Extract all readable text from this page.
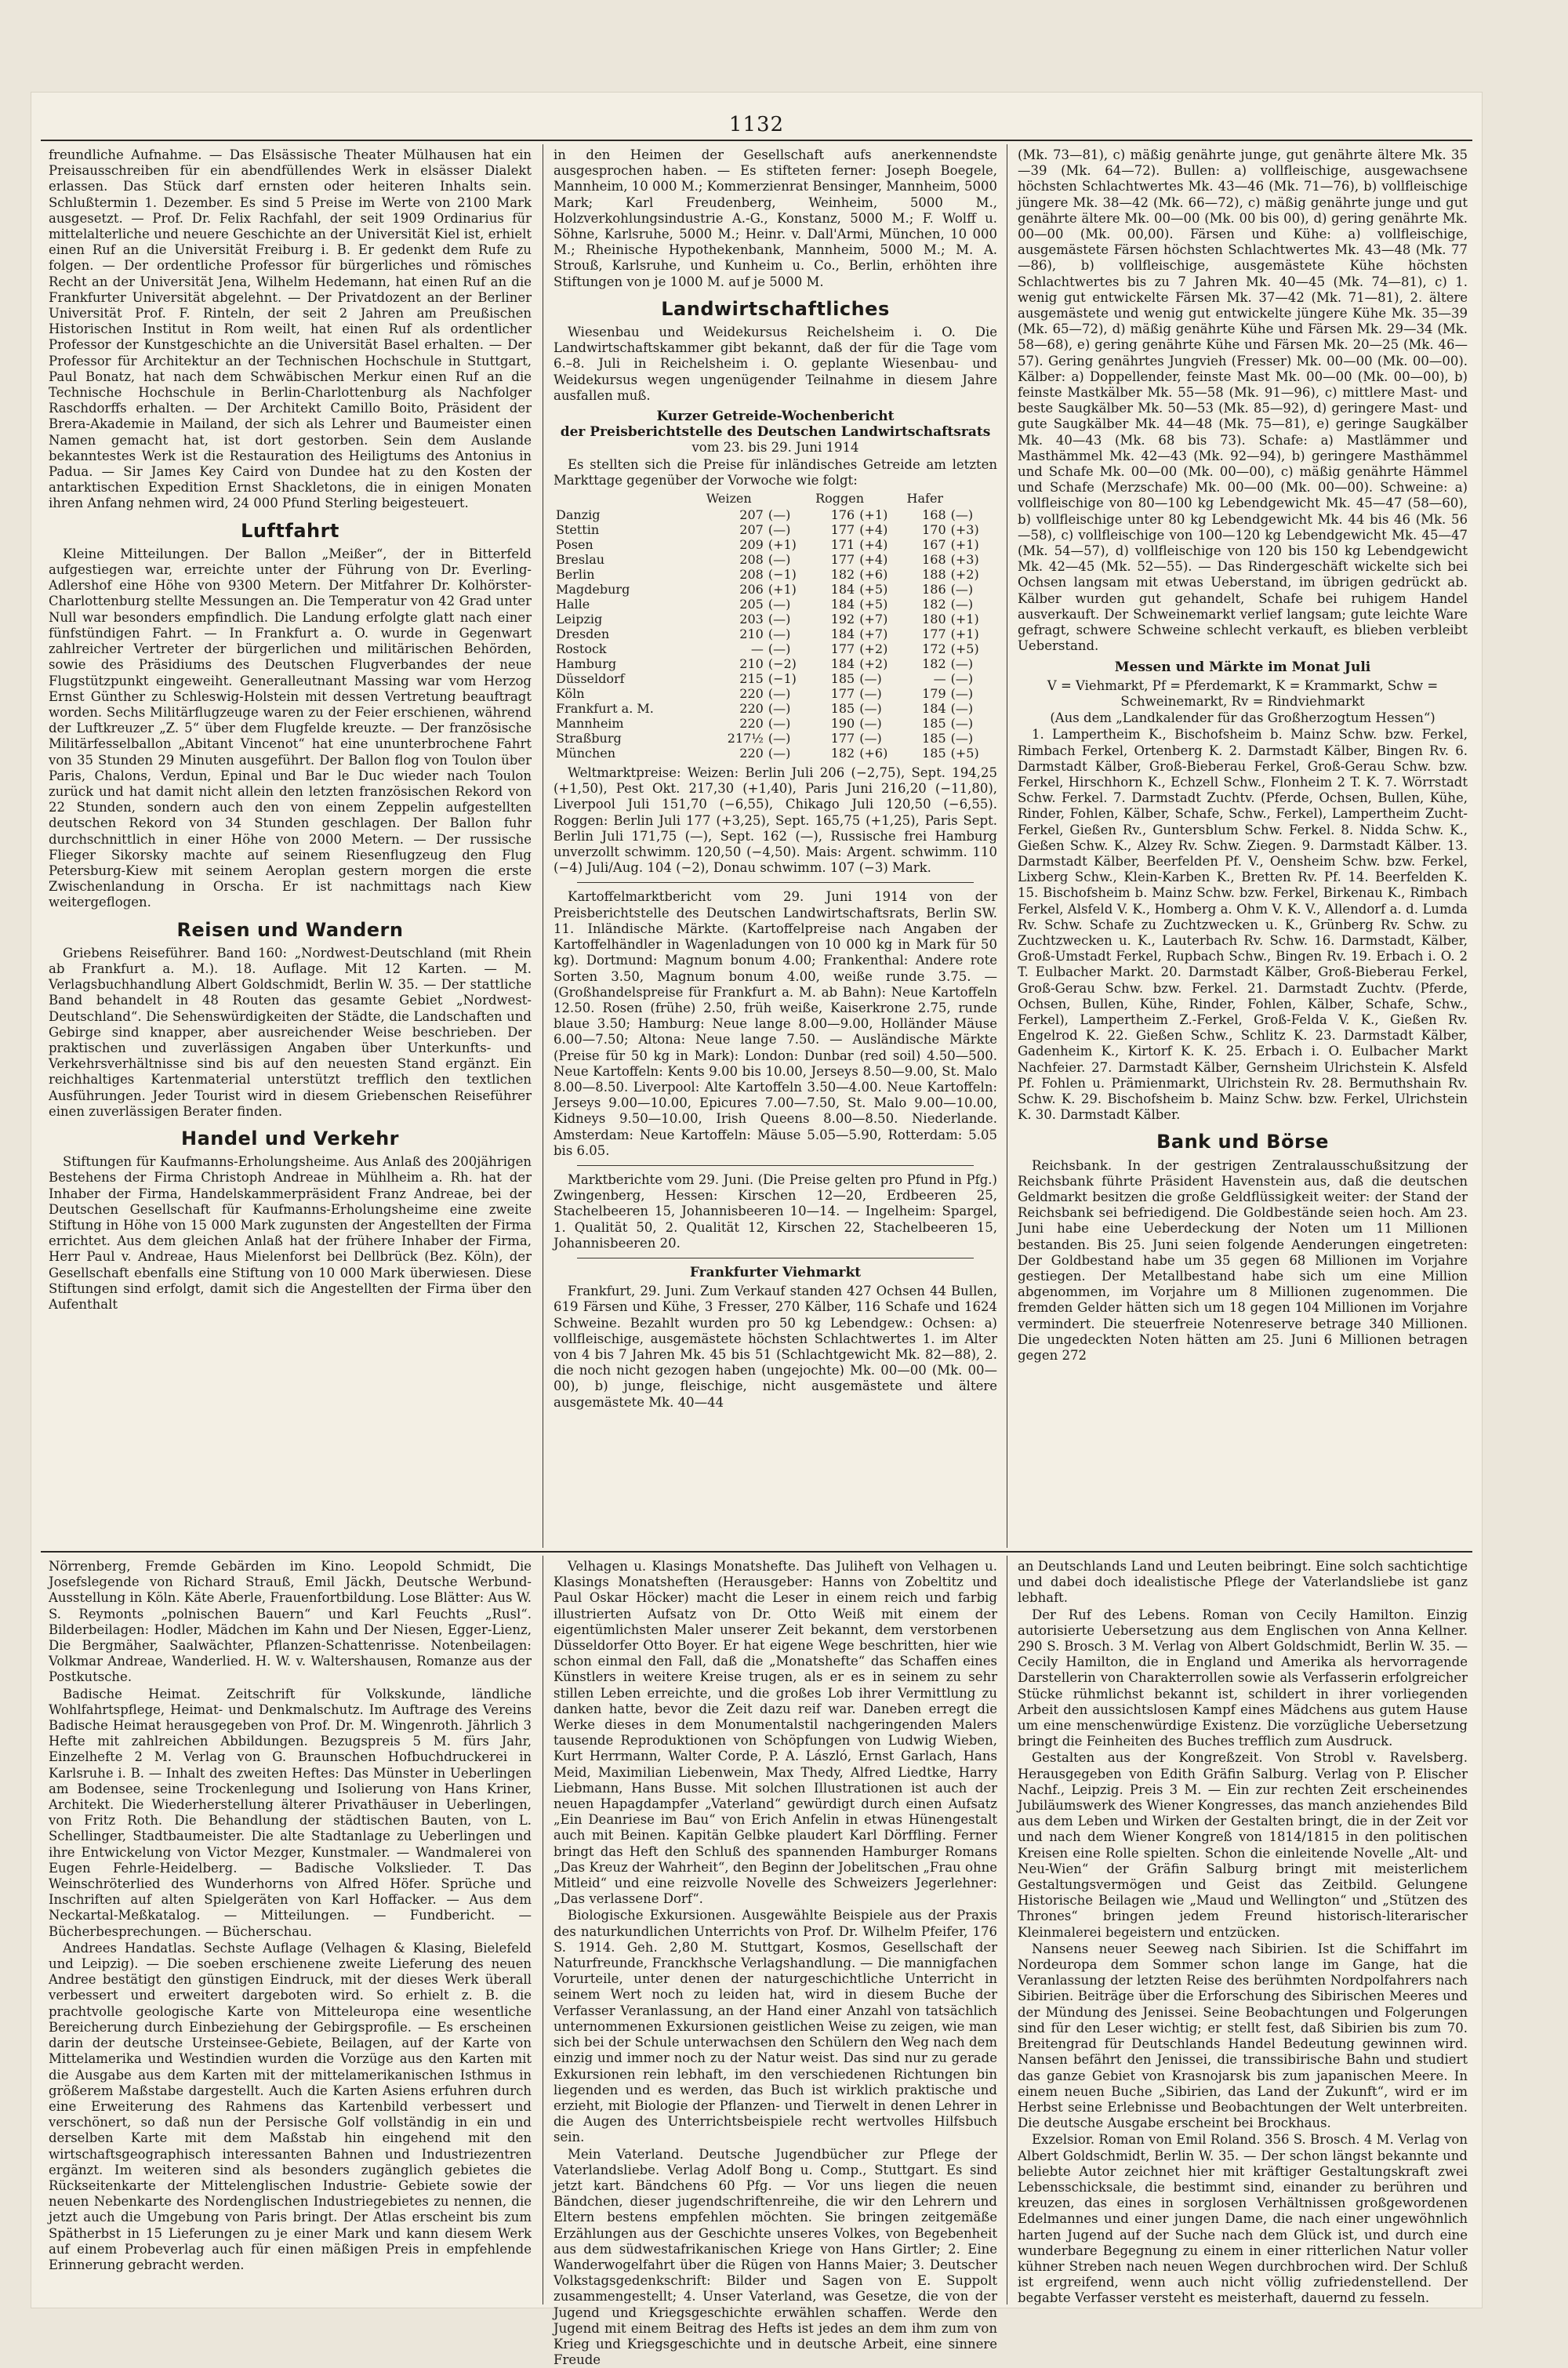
1132

freundliche Aufnahme. — Das Elsässische Theater Mülhausen hat ein Preisausschreiben für ein abendfüllendes Werk in elsässer Dialekt erlassen. Das Stück darf ernsten oder heiteren Inhalts sein. Schlußtermin 1. Dezember. Es sind 5 Preise im Werte von 2100 Mark ausgesetzt. — Prof. Dr. Felix Rachfahl, der seit 1909 Ordinarius für mittelalterliche und neuere Geschichte an der Universität Kiel ist, erhielt einen Ruf an die Universität Freiburg i. B. Er gedenkt dem Rufe zu folgen. — Der ordentliche Professor für bürgerliches und römisches Recht an der Universität Jena, Wilhelm Hedemann, hat einen Ruf an die Frankfurter Universität abgelehnt. — Der Privatdozent an der Berliner Universität Prof. F. Rinteln, der seit 2 Jahren am Preußischen Historischen Institut in Rom weilt, hat einen Ruf als ordentlicher Professor der Kunstgeschichte an die Universität Basel erhalten. — Der Professor für Architektur an der Technischen Hochschule in Stuttgart, Paul Bonatz, hat nach dem Schwäbischen Merkur einen Ruf an die Technische Hochschule in Berlin-Charlottenburg als Nachfolger Raschdorffs erhalten. — Der Architekt Camillo Boito, Präsident der Brera-Akademie in Mailand, der sich als Lehrer und Baumeister einen Namen gemacht hat, ist dort gestorben. Sein dem Auslande bekanntestes Werk ist die Restauration des Heiligtums des Antonius in Padua. — Sir James Key Caird von Dundee hat zu den Kosten der antarktischen Expedition Ernst Shackletons, die in einigen Monaten ihren Anfang nehmen wird, 24 000 Pfund Sterling beigesteuert.

Luftfahrt

Kleine Mitteilungen. Der Ballon „Meißer“, der in Bitterfeld aufgestiegen war, erreichte unter der Führung von Dr. Everling-Adlershof eine Höhe von 9300 Metern. Der Mitfahrer Dr. Kolhörster-Charlottenburg stellte Messungen an. Die Temperatur von 42 Grad unter Null war besonders empfindlich. Die Landung erfolgte glatt nach einer fünfstündigen Fahrt. — In Frankfurt a. O. wurde in Gegenwart zahlreicher Vertreter der bürgerlichen und militärischen Behörden, sowie des Präsidiums des Deutschen Flugverbandes der neue Flugstützpunkt eingeweiht. Generalleutnant Massing war vom Herzog Ernst Günther zu Schleswig-Holstein mit dessen Vertretung beauftragt worden. Sechs Militärflugzeuge waren zu der Feier erschienen, während der Luftkreuzer „Z. 5“ über dem Flugfelde kreuzte. — Der französische Militärfesselballon „Abitant Vincenot“ hat eine ununterbrochene Fahrt von 35 Stunden 29 Minuten ausgeführt. Der Ballon flog von Toulon über Paris, Chalons, Verdun, Epinal und Bar le Duc wieder nach Toulon zurück und hat damit nicht allein den letzten französischen Rekord von 22 Stunden, sondern auch den von einem Zeppelin aufgestellten deutschen Rekord von 34 Stunden geschlagen. Der Ballon fuhr durchschnittlich in einer Höhe von 2000 Metern. — Der russische Flieger Sikorsky machte auf seinem Riesenflugzeug den Flug Petersburg-Kiew mit seinem Aeroplan gestern morgen die erste Zwischenlandung in Orscha. Er ist nachmittags nach Kiew weitergeflogen.

Reisen und Wandern

Griebens Reiseführer. Band 160: „Nordwest-Deutschland (mit Rhein ab Frankfurt a. M.). 18. Auflage. Mit 12 Karten. — M. Verlagsbuchhandlung Albert Goldschmidt, Berlin W. 35. — Der stattliche Band behandelt in 48 Routen das gesamte Gebiet „Nordwest-Deutschland“. Die Sehenswürdigkeiten der Städte, die Landschaften und Gebirge sind knapper, aber ausreichender Weise beschrieben. Der praktischen und zuverlässigen Angaben über Unterkunfts- und Verkehrsverhältnisse sind bis auf den neuesten Stand ergänzt. Ein reichhaltiges Kartenmaterial unterstützt trefflich den textlichen Ausführungen. Jeder Tourist wird in diesem Griebenschen Reiseführer einen zuverlässigen Berater finden.

Handel und Verkehr

Stiftungen für Kaufmanns-Erholungsheime. Aus Anlaß des 200jährigen Bestehens der Firma Christoph Andreae in Mühlheim a. Rh. hat der Inhaber der Firma, Handelskammerpräsident Franz Andreae, bei der Deutschen Gesellschaft für Kaufmanns-Erholungsheime eine zweite Stiftung in Höhe von 15 000 Mark zugunsten der Angestellten der Firma errichtet. Aus dem gleichen Anlaß hat der frühere Inhaber der Firma, Herr Paul v. Andreae, Haus Mielenforst bei Dellbrück (Bez. Köln), der Gesellschaft ebenfalls eine Stiftung von 10 000 Mark überwiesen. Diese Stiftungen sind erfolgt, damit sich die Angestellten der Firma über den Aufenthalt

in den Heimen der Gesellschaft aufs anerkennendste ausgesprochen haben. — Es stifteten ferner: Joseph Boegele, Mannheim, 10 000 M.; Kommerzienrat Bensinger, Mannheim, 5000 Mark; Karl Freudenberg, Weinheim, 5000 M., Holzverkohlungsindustrie A.-G., Konstanz, 5000 M.; F. Wolff u. Söhne, Karlsruhe, 5000 M.; Heinr. v. Dall'Armi, München, 10 000 M.; Rheinische Hypothekenbank, Mannheim, 5000 M.; M. A. Strouß, Karlsruhe, und Kunheim u. Co., Berlin, erhöhten ihre Stiftungen von je 1000 M. auf je 5000 M.

Landwirtschaftliches

Wiesenbau und Weidekursus Reichelsheim i. O. Die Landwirtschaftskammer gibt bekannt, daß der für die Tage vom 6.–8. Juli in Reichelsheim i. O. geplante Wiesenbau- und Weidekursus wegen ungenügender Teilnahme in diesem Jahre ausfallen muß.

Kurzer Getreide-Wochenbericht
der Preisberichtstelle des Deutschen Landwirtschaftsrats

vom 23. bis 29. Juni 1914

Es stellten sich die Preise für inländisches Getreide am letzten Markttage gegenüber der Vorwoche wie folgt:

	Weizen		Roggen		Hafer	
Danzig	207	(—)	176	(+1)	168	(—)
Stettin	207	(—)	177	(+4)	170	(+3)
Posen	209	(+1)	171	(+4)	167	(+1)
Breslau	208	(—)	177	(+4)	168	(+3)
Berlin	208	(−1)	182	(+6)	188	(+2)
Magdeburg	206	(+1)	184	(+5)	186	(—)
Halle	205	(—)	184	(+5)	182	(—)
Leipzig	203	(—)	192	(+7)	180	(+1)
Dresden	210	(—)	184	(+7)	177	(+1)
Rostock	—	(—)	177	(+2)	172	(+5)
Hamburg	210	(−2)	184	(+2)	182	(—)
Düsseldorf	215	(−1)	185	(—)	—	(—)
Köln	220	(—)	177	(—)	179	(—)
Frankfurt a. M.	220	(—)	185	(—)	184	(—)
Mannheim	220	(—)	190	(—)	185	(—)
Straßburg	217½	(—)	177	(—)	185	(—)
München	220	(—)	182	(+6)	185	(+5)

Weltmarktpreise: Weizen: Berlin Juli 206 (−2,75), Sept. 194,25 (+1,50), Pest Okt. 217,30 (+1,40), Paris Juni 216,20 (−11,80), Liverpool Juli 151,70 (−6,55), Chikago Juli 120,50 (−6,55). Roggen: Berlin Juli 177 (+3,25), Sept. 165,75 (+1,25), Paris Sept. Berlin Juli 171,75 (—), Sept. 162 (—), Russische frei Hamburg unverzollt schwimm. 120,50 (−4,50). Mais: Argent. schwimm. 110 (−4) Juli/Aug. 104 (−2), Donau schwimm. 107 (−3) Mark.

Kartoffelmarktbericht vom 29. Juni 1914 von der Preisberichtstelle des Deutschen Landwirtschaftsrats, Berlin SW. 11. Inländische Märkte. (Kartoffelpreise nach Angaben der Kartoffelhändler in Wagenladungen von 10 000 kg in Mark für 50 kg). Dortmund: Magnum bonum 4.00; Frankenthal: Andere rote Sorten 3.50, Magnum bonum 4.00, weiße runde 3.75. — (Großhandelspreise für Frankfurt a. M. ab Bahn): Neue Kartoffeln 12.50. Rosen (frühe) 2.50, früh weiße, Kaiserkrone 2.75, runde blaue 3.50; Hamburg: Neue lange 8.00—9.00, Holländer Mäuse 6.00—7.50; Altona: Neue lange 7.50. — Ausländische Märkte (Preise für 50 kg in Mark): London: Dunbar (red soil) 4.50—500. Neue Kartoffeln: Kents 9.00 bis 10.00, Jerseys 8.50—9.00, St. Malo 8.00—8.50. Liverpool: Alte Kartoffeln 3.50—4.00. Neue Kartoffeln: Jerseys 9.00—10.00, Epicures 7.00—7.50, St. Malo 9.00—10.00, Kidneys 9.50—10.00, Irish Queens 8.00—8.50. Niederlande. Amsterdam: Neue Kartoffeln: Mäuse 5.05—5.90, Rotterdam: 5.05 bis 6.05.

Marktberichte vom 29. Juni. (Die Preise gelten pro Pfund in Pfg.) Zwingenberg, Hessen: Kirschen 12—20, Erdbeeren 25, Stachelbeeren 15, Johannisbeeren 10—14. — Ingelheim: Spargel, 1. Qualität 50, 2. Qualität 12, Kirschen 22, Stachelbeeren 15, Johannisbeeren 20.

Frankfurter Viehmarkt

Frankfurt, 29. Juni. Zum Verkauf standen 427 Ochsen 44 Bullen, 619 Färsen und Kühe, 3 Fresser, 270 Kälber, 116 Schafe und 1624 Schweine. Bezahlt wurden pro 50 kg Lebendgew.: Ochsen: a) vollfleischige, ausgemästete höchsten Schlachtwertes 1. im Alter von 4 bis 7 Jahren Mk. 45 bis 51 (Schlachtgewicht Mk. 82—88), 2. die noch nicht gezogen haben (ungejochte) Mk. 00—00 (Mk. 00—00), b) junge, fleischige, nicht ausgemästete und ältere ausgemästete Mk. 40—44

(Mk. 73—81), c) mäßig genährte junge, gut genährte ältere Mk. 35—39 (Mk. 64—72). Bullen: a) vollfleischige, ausgewachsene höchsten Schlachtwertes Mk. 43—46 (Mk. 71—76), b) vollfleischige jüngere Mk. 38—42 (Mk. 66—72), c) mäßig genährte junge und gut genährte ältere Mk. 00—00 (Mk. 00 bis 00), d) gering genährte Mk. 00—00 (Mk. 00,00). Färsen und Kühe: a) vollfleischige, ausgemästete Färsen höchsten Schlachtwertes Mk. 43—48 (Mk. 77—86), b) vollfleischige, ausgemästete Kühe höchsten Schlachtwertes bis zu 7 Jahren Mk. 40—45 (Mk. 74—81), c) 1. wenig gut entwickelte Färsen Mk. 37—42 (Mk. 71—81), 2. ältere ausgemästete und wenig gut entwickelte jüngere Kühe Mk. 35—39 (Mk. 65—72), d) mäßig genährte Kühe und Färsen Mk. 29—34 (Mk. 58—68), e) gering genährte Kühe und Färsen Mk. 20—25 (Mk. 46—57). Gering genährtes Jungvieh (Fresser) Mk. 00—00 (Mk. 00—00). Kälber: a) Doppellender, feinste Mast Mk. 00—00 (Mk. 00—00), b) feinste Mastkälber Mk. 55—58 (Mk. 91—96), c) mittlere Mast- und beste Saugkälber Mk. 50—53 (Mk. 85—92), d) geringere Mast- und gute Saugkälber Mk. 44—48 (Mk. 75—81), e) geringe Saugkälber Mk. 40—43 (Mk. 68 bis 73). Schafe: a) Mastlämmer und Masthämmel Mk. 42—43 (Mk. 92—94), b) geringere Masthämmel und Schafe Mk. 00—00 (Mk. 00—00), c) mäßig genährte Hämmel und Schafe (Merzschafe) Mk. 00—00 (Mk. 00—00). Schweine: a) vollfleischige von 80—100 kg Lebendgewicht Mk. 45—47 (58—60), b) vollfleischige unter 80 kg Lebendgewicht Mk. 44 bis 46 (Mk. 56—58), c) vollfleischige von 100—120 kg Lebendgewicht Mk. 45—47 (Mk. 54—57), d) vollfleischige von 120 bis 150 kg Lebendgewicht Mk. 42—45 (Mk. 52—55). — Das Rindergeschäft wickelte sich bei Ochsen langsam mit etwas Ueberstand, im übrigen gedrückt ab. Kälber wurden gut gehandelt, Schafe bei ruhigem Handel ausverkauft. Der Schweinemarkt verlief langsam; gute leichte Ware gefragt, schwere Schweine schlecht verkauft, es blieben verbleibt Ueberstand.

Messen und Märkte im Monat Juli

V = Viehmarkt, Pf = Pferdemarkt, K = Krammarkt, Schw = Schweinemarkt, Rv = Rindviehmarkt

(Aus dem „Landkalender für das Großherzogtum Hessen“)

1. Lampertheim K., Bischofsheim b. Mainz Schw. bzw. Ferkel, Rimbach Ferkel, Ortenberg K. 2. Darmstadt Kälber, Bingen Rv. 6. Darmstadt Kälber, Groß-Bieberau Ferkel, Groß-Gerau Schw. bzw. Ferkel, Hirschhorn K., Echzell Schw., Flonheim 2 T. K. 7. Wörrstadt Schw. Ferkel. 7. Darmstadt Zuchtv. (Pferde, Ochsen, Bullen, Kühe, Rinder, Fohlen, Kälber, Schafe, Schw., Ferkel), Lampertheim Zucht-Ferkel, Gießen Rv., Guntersblum Schw. Ferkel. 8. Nidda Schw. K., Gießen Schw. K., Alzey Rv. Schw. Ziegen. 9. Darmstadt Kälber. 13. Darmstadt Kälber, Beerfelden Pf. V., Oensheim Schw. bzw. Ferkel, Lixberg Schw., Klein-Karben K., Bretten Rv. Pf. 14. Beerfelden K. 15. Bischofsheim b. Mainz Schw. bzw. Ferkel, Birkenau K., Rimbach Ferkel, Alsfeld V. K., Homberg a. Ohm V. K. V., Allendorf a. d. Lumda Rv. Schw. Schafe zu Zuchtzwecken u. K., Grünberg Rv. Schw. zu Zuchtzwecken u. K., Lauterbach Rv. Schw. 16. Darmstadt, Kälber, Groß-Umstadt Ferkel, Rupbach Schw., Bingen Rv. 19. Erbach i. O. 2 T. Eulbacher Markt. 20. Darmstadt Kälber, Groß-Bieberau Ferkel, Groß-Gerau Schw. bzw. Ferkel. 21. Darmstadt Zuchtv. (Pferde, Ochsen, Bullen, Kühe, Rinder, Fohlen, Kälber, Schafe, Schw., Ferkel), Lampertheim Z.-Ferkel, Groß-Felda V. K., Gießen Rv. Engelrod K. 22. Gießen Schw., Schlitz K. 23. Darmstadt Kälber, Gadenheim K., Kirtorf K. K. 25. Erbach i. O. Eulbacher Markt Nachfeier. 27. Darmstadt Kälber, Gernsheim Ulrichstein K. Alsfeld Pf. Fohlen u. Prämienmarkt, Ulrichstein Rv. 28. Bermuthshain Rv. Schw. K. 29. Bischofsheim b. Mainz Schw. bzw. Ferkel, Ulrichstein K. 30. Darmstadt Kälber.

Bank und Börse

Reichsbank. In der gestrigen Zentralausschußsitzung der Reichsbank führte Präsident Havenstein aus, daß die deutschen Geldmarkt besitzen die große Geldflüssigkeit weiter: der Stand der Reichsbank sei befriedigend. Die Goldbestände seien hoch. Am 23. Juni habe eine Ueberdeckung der Noten um 11 Millionen bestanden. Bis 25. Juni seien folgende Aenderungen eingetreten: Der Goldbestand habe um 35 gegen 68 Millionen im Vorjahre gestiegen. Der Metallbestand habe sich um eine Million abgenommen, im Vorjahre um 8 Millionen zugenommen. Die fremden Gelder hätten sich um 18 gegen 104 Millionen im Vorjahre vermindert. Die steuerfreie Notenreserve betrage 340 Millionen. Die ungedeckten Noten hätten am 25. Juni 6 Millionen betragen gegen 272

Nörrenberg, Fremde Gebärden im Kino. Leopold Schmidt, Die Josefslegende von Richard Strauß, Emil Jäckh, Deutsche Werbund-Ausstellung in Köln. Käte Aberle, Frauenfortbildung. Lose Blätter: Aus W. S. Reymonts „polnischen Bauern“ und Karl Feuchts „Rusl“. Bilderbeilagen: Hodler, Mädchen im Kahn und Der Niesen, Egger-Lienz, Die Bergmäher, Saalwächter, Pflanzen-Schattenrisse. Notenbeilagen: Volkmar Andreae, Wanderlied. H. W. v. Waltershausen, Romanze aus der Postkutsche.

Badische Heimat. Zeitschrift für Volkskunde, ländliche Wohlfahrtspflege, Heimat- und Denkmalschutz. Im Auftrage des Vereins Badische Heimat herausgegeben von Prof. Dr. M. Wingenroth. Jährlich 3 Hefte mit zahlreichen Abbildungen. Bezugspreis 5 M. fürs Jahr, Einzelhefte 2 M. Verlag von G. Braunschen Hofbuchdruckerei in Karlsruhe i. B. — Inhalt des zweiten Heftes: Das Münster in Ueberlingen am Bodensee, seine Trockenlegung und Isolierung von Hans Kriner, Architekt. Die Wiederherstellung älterer Privathäuser in Ueberlingen, von Fritz Roth. Die Behandlung der städtischen Bauten, von L. Schellinger, Stadtbaumeister. Die alte Stadtanlage zu Ueberlingen und ihre Entwickelung von Victor Mezger, Kunstmaler. — Wandmalerei von Eugen Fehrle-Heidelberg. — Badische Volkslieder. T. Das Weinschröterlied des Wunderhorns von Alfred Höfer. Sprüche und Inschriften auf alten Spielgeräten von Karl Hoffacker. — Aus dem Neckartal-Meßkatalog. — Mitteilungen. — Fundbericht. — Bücherbesprechungen. — Bücherschau.

Andrees Handatlas. Sechste Auflage (Velhagen & Klasing, Bielefeld und Leipzig). — Die soeben erschienene zweite Lieferung des neuen Andree bestätigt den günstigen Eindruck, mit der dieses Werk überall verbessert und erweitert dargeboten wird. So erhielt z. B. die prachtvolle geologische Karte von Mitteleuropa eine wesentliche Bereicherung durch Einbeziehung der Gebirgsprofile. — Es erscheinen darin der deutsche Ursteinsee-Gebiete, Beilagen, auf der Karte von Mittelamerika und Westindien wurden die Vorzüge aus den Karten mit die Ausgabe aus dem Karten mit der mittelamerikanischen Isthmus in größerem Maßstabe dargestellt. Auch die Karten Asiens erfuhren durch eine Erweiterung des Rahmens das Kartenbild verbessert und verschönert, so daß nun der Persische Golf vollständig in ein und derselben Karte mit dem Maßstab hin eingehend mit den wirtschaftsgeographisch interessanten Bahnen und Industriezentren ergänzt. Im weiteren sind als besonders zugänglich gebietes die Rückseitenkarte der Mittelenglischen Industrie- Gebiete sowie der neuen Nebenkarte des Nordenglischen Industriegebietes zu nennen, die jetzt auch die Umgebung von Paris bringt. Der Atlas erscheint bis zum Spätherbst in 15 Lieferungen zu je einer Mark und kann diesem Werk auf einem Probeverlag auch für einen mäßigen Preis in empfehlende Erinnerung gebracht werden.

Velhagen u. Klasings Monatshefte. Das Juliheft von Velhagen u. Klasings Monatsheften (Herausgeber: Hanns von Zobeltitz und Paul Oskar Höcker) macht die Leser in einem reich und farbig illustrierten Aufsatz von Dr. Otto Weiß mit einem der eigentümlichsten Maler unserer Zeit bekannt, dem verstorbenen Düsseldorfer Otto Boyer. Er hat eigene Wege beschritten, hier wie schon einmal den Fall, daß die „Monatshefte“ das Schaffen eines Künstlers in weitere Kreise trugen, als er es in seinem zu sehr stillen Leben erreichte, und die großes Lob ihrer Vermittlung zu danken hatte, bevor die Zeit dazu reif war. Daneben erregt die Werke dieses in dem Monumentalstil nachgeringenden Malers tausende Reproduktionen von Schöpfungen von Ludwig Wieben, Kurt Herrmann, Walter Corde, P. A. László, Ernst Garlach, Hans Meid, Maximilian Liebenwein, Max Thedy, Alfred Liedtke, Harry Liebmann, Hans Busse. Mit solchen Illustrationen ist auch der neuen Hapagdampfer „Vaterland“ gewürdigt durch einen Aufsatz „Ein Deanriese im Bau“ von Erich Anfelin in etwas Hünengestalt auch mit Beinen. Kapitän Gelbke plaudert Karl Dörffling. Ferner bringt das Heft den Schluß des spannenden Hamburger Romans „Das Kreuz der Wahrheit“, den Beginn der Jobelitschen „Frau ohne Mitleid“ und eine reizvolle Novelle des Schweizers Jegerlehner: „Das verlassene Dorf“.

Biologische Exkursionen. Ausgewählte Beispiele aus der Praxis des naturkundlichen Unterrichts von Prof. Dr. Wilhelm Pfeifer, 176 S. 1914. Geh. 2,80 M. Stuttgart, Kosmos, Gesellschaft der Naturfreunde, Franckhsche Verlagshandlung. — Die mannigfachen Vorurteile, unter denen der naturgeschichtliche Unterricht in seinem Wert noch zu leiden hat, wird in diesem Buche der Verfasser Veranlassung, an der Hand einer Anzahl von tatsächlich unternommenen Exkursionen geistlichen Weise zu zeigen, wie man sich bei der Schule unterwachsen den Schülern den Weg nach dem einzig und immer noch zu der Natur weist. Das sind nur zu gerade Exkursionen rein lebhaft, im den verschiedenen Richtungen bin liegenden und es werden, das Buch ist wirklich praktische und erzieht, mit Biologie der Pflanzen- und Tierwelt in denen Lehrer in die Augen des Unterrichtsbeispiele recht wertvolles Hilfsbuch sein.

Mein Vaterland. Deutsche Jugendbücher zur Pflege der Vaterlandsliebe. Verlag Adolf Bong u. Comp., Stuttgart. Es sind jetzt kart. Bändchens 60 Pfg. — Vor uns liegen die neuen Bändchen, dieser jugendschriftenreihe, die wir den Lehrern und Eltern bestens empfehlen möchten. Sie bringen zeitgemäße Erzählungen aus der Geschichte unseres Volkes, von Begebenheit aus dem südwestafrikanischen Kriege von Hans Girtler; 2. Eine Wanderwogelfahrt über die Rügen von Hanns Maier; 3. Deutscher Volkstagsgedenkschrift: Bilder und Sagen von E. Suppolt zusammengestellt; 4. Unser Vaterland, was Gesetze, die von der Jugend und Kriegsgeschichte erwählen schaffen. Werde den Jugend mit einem Beitrag des Hefts ist jedes an dem ihm zum von Krieg und Kriegsgeschichte und in deutsche Arbeit, eine sinnere Freude

an Deutschlands Land und Leuten beibringt. Eine solch sachtichtige und dabei doch idealistische Pflege der Vaterlandsliebe ist ganz lebhaft.

Der Ruf des Lebens. Roman von Cecily Hamilton. Einzig autorisierte Uebersetzung aus dem Englischen von Anna Kellner. 290 S. Brosch. 3 M. Verlag von Albert Goldschmidt, Berlin W. 35. — Cecily Hamilton, die in England und Amerika als hervorragende Darstellerin von Charakterrollen sowie als Verfasserin erfolgreicher Stücke rühmlichst bekannt ist, schildert in ihrer vorliegenden Arbeit den aussichtslosen Kampf eines Mädchens aus gutem Hause um eine menschenwürdige Existenz. Die vorzügliche Uebersetzung bringt die Feinheiten des Buches trefflich zum Ausdruck.

Gestalten aus der Kongreßzeit. Von Strobl v. Ravelsberg. Herausgegeben von Edith Gräfin Salburg. Verlag von P. Elischer Nachf., Leipzig. Preis 3 M. — Ein zur rechten Zeit erscheinendes Jubiläumswerk des Wiener Kongresses, das manch anziehendes Bild aus dem Leben und Wirken der Gestalten bringt, die in der Zeit vor und nach dem Wiener Kongreß von 1814/1815 in den politischen Kreisen eine Rolle spielten. Schon die einleitende Novelle „Alt- und Neu-Wien“ der Gräfin Salburg bringt mit meisterlichem Gestaltungsvermögen und Geist das Zeitbild. Gelungene Historische Beilagen wie „Maud und Wellington“ und „Stützen des Thrones“ bringen jedem Freund historisch-literarischer Kleinmalerei begeistern und entzücken.

Nansens neuer Seeweg nach Sibirien. Ist die Schiffahrt im Nordeuropa dem Sommer schon lange im Gange, hat die Veranlassung der letzten Reise des berühmten Nordpolfahrers nach Sibirien. Beiträge über die Erforschung des Sibirischen Meeres und der Mündung des Jenissei. Seine Beobachtungen und Folgerungen sind für den Leser wichtig; er stellt fest, daß Sibirien bis zum 70. Breitengrad für Deutschlands Handel Bedeutung gewinnen wird. Nansen befährt den Jenissei, die transsibirische Bahn und studiert das ganze Gebiet von Krasnojarsk bis zum japanischen Meere. In einem neuen Buche „Sibirien, das Land der Zukunft“, wird er im Herbst seine Erlebnisse und Beobachtungen der Welt unterbreiten. Die deutsche Ausgabe erscheint bei Brockhaus.

Exzelsior. Roman von Emil Roland. 356 S. Brosch. 4 M. Verlag von Albert Goldschmidt, Berlin W. 35. — Der schon längst bekannte und beliebte Autor zeichnet hier mit kräftiger Gestaltungskraft zwei Lebensschicksale, die bestimmt sind, einander zu berühren und kreuzen, das eines in sorglosen Verhältnissen großgewordenen Edelmannes und einer jungen Dame, die nach einer ungewöhnlich harten Jugend auf der Suche nach dem Glück ist, und durch eine wunderbare Begegnung zu einem in einer ritterlichen Natur voller kühner Streben nach neuen Wegen durchbrochen wird. Der Schluß ist ergreifend, wenn auch nicht völlig zufriedenstellend. Der begabte Verfasser versteht es meisterhaft, dauernd zu fesseln.
